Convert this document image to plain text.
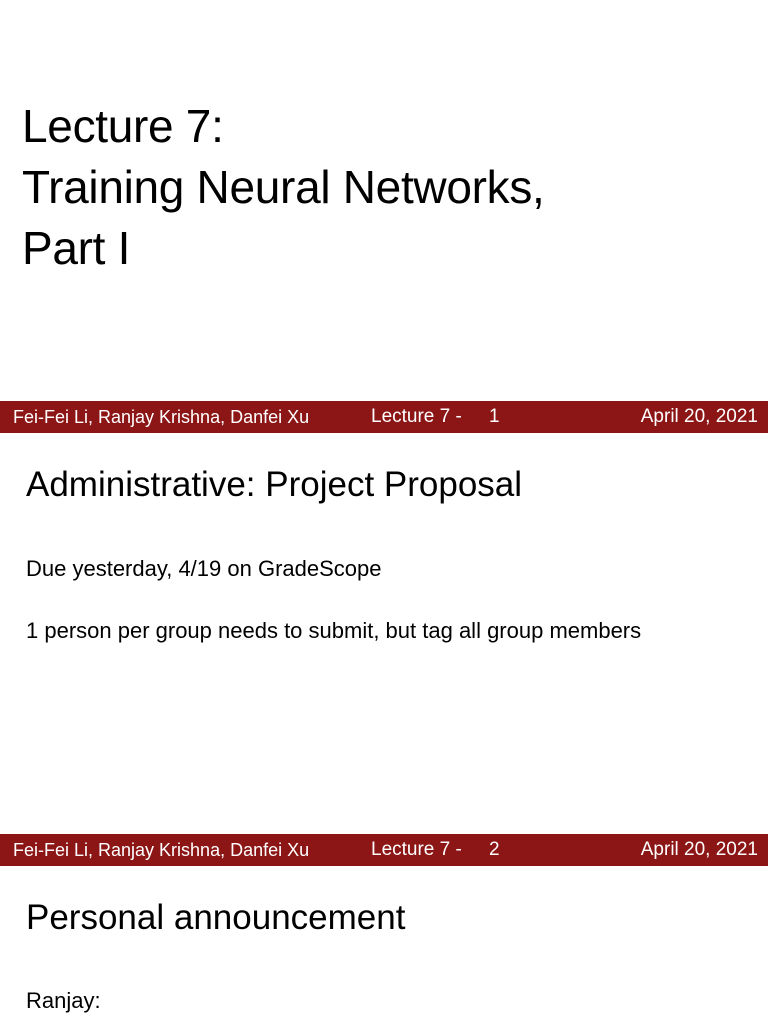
Lecture 7:
Training Neural Networks,
Part I
Fei-Fei Li, Ranjay Krishna, Danfei Xu	Lecture 7 - 1	April 20, 2021
Administrative: Project Proposal
Due yesterday, 4/19 on GradeScope
1 person per group needs to submit, but tag all group members
Fei-Fei Li, Ranjay Krishna, Danfei Xu	Lecture 7 - 2	April 20, 2021
Personal announcement
Ranjay:
